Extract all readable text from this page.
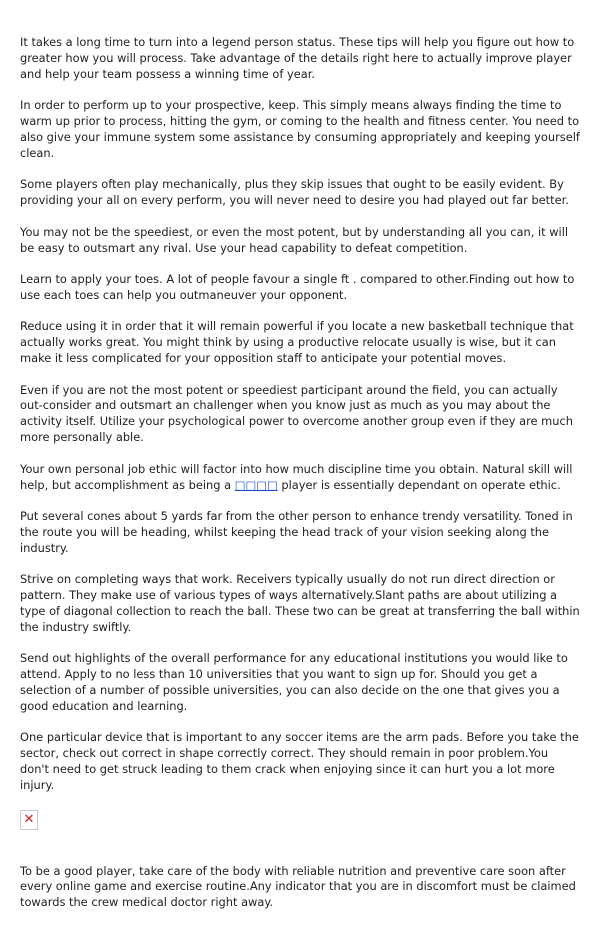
It takes a long time to turn into a legend person status. These tips will help you figure out how to greater how you will process. Take advantage of the details right here to actually improve player and help your team possess a winning time of year.

In order to perform up to your prospective, keep. This simply means always finding the time to warm up prior to process, hitting the gym, or coming to the health and fitness center. You need to also give your immune system some assistance by consuming appropriately and keeping yourself clean.

Some players often play mechanically, plus they skip issues that ought to be easily evident. By providing your all on every perform, you will never need to desire you had played out far better.

You may not be the speediest, or even the most potent, but by understanding all you can, it will be easy to outsmart any rival. Use your head capability to defeat competition.

Learn to apply your toes. A lot of people favour a single ft . compared to other.Finding out how to use each toes can help you outmaneuver your opponent.

Reduce using it in order that it will remain powerful if you locate a new basketball technique that actually works great. You might think by using a productive relocate usually is wise, but it can make it less complicated for your opposition staff to anticipate your potential moves.

Even if you are not the most potent or speediest participant around the field, you can actually out-consider and outsmart an challenger when you know just as much as you may about the activity itself. Utilize your psychological power to overcome another group even if they are much more personally able.

Your own personal job ethic will factor into how much discipline time you obtain. Natural skill will help, but accomplishment as being a □□□□ player is essentially dependant on operate ethic.

Put several cones about 5 yards far from the other person to enhance trendy versatility. Toned in the route you will be heading, whilst keeping the head track of your vision seeking along the industry.

Strive on completing ways that work. Receivers typically usually do not run direct direction or pattern. They make use of various types of ways alternatively.Slant paths are about utilizing a type of diagonal collection to reach the ball. These two can be great at transferring the ball within the industry swiftly.

Send out highlights of the overall performance for any educational institutions you would like to attend. Apply to no less than 10 universities that you want to sign up for. Should you get a selection of a number of possible universities, you can also decide on the one that gives you a good education and learning.

One particular device that is important to any soccer items are the arm pads. Before you take the sector, check out correct in shape correctly correct. They should remain in poor problem.You don't need to get struck leading to them crack when enjoying since it can hurt you a lot more injury.

✕

To be a good player, take care of the body with reliable nutrition and preventive care soon after every online game and exercise routine.Any indicator that you are in discomfort must be claimed towards the crew medical doctor right away.
